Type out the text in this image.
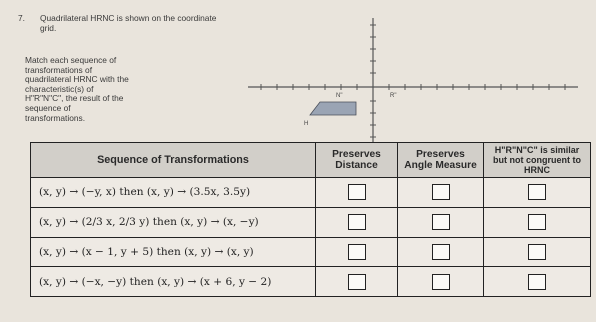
7. Quadrilateral HRNC is shown on the coordinate grid.

Match each sequence of

transformations of

quadrilateral HRNC with the

characteristic(s) of

H"R"N"C", the result of the

sequence of

transformations.

N"	R"
H
Sequence of Transformations	Preserves Distance	Preserves Angle Measure	H"R"N"C" is similar but not congruent to HRNC
(x, y) → (−y, x) then (x, y) → (3.5x, 3.5y)			
(x, y) → (2/3 x, 2/3 y) then (x, y) → (x, −y)			
(x, y) → (x − 1, y + 5) then (x, y) → (x, y)			
(x, y) → (−x, −y) then (x, y) → (x + 6, y − 2)			
